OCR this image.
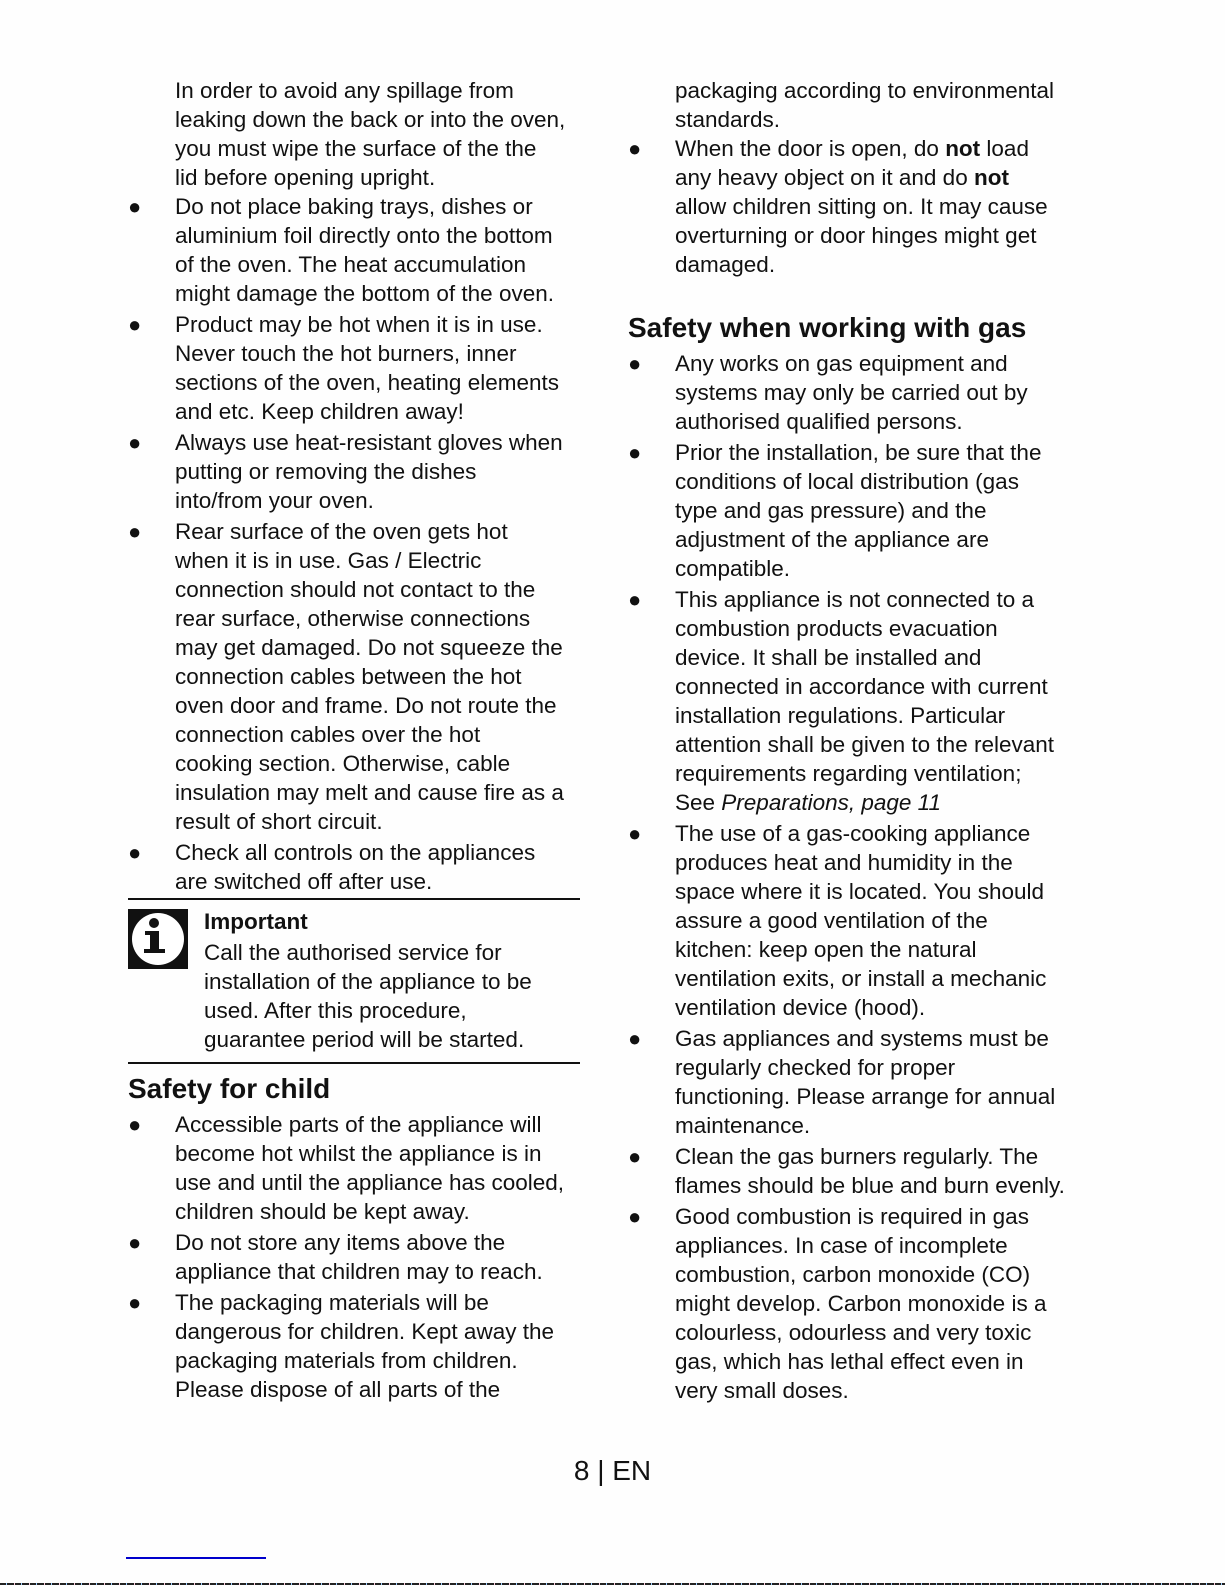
In order to avoid any spillage from
leaking down the back or into the oven,
you must wipe the surface of the the
lid before opening upright.
● Do not place baking trays, dishes or
aluminium foil directly onto the bottom
of the oven. The heat accumulation
might damage the bottom of the oven.
● Product may be hot when it is in use.
Never touch the hot burners, inner
sections of the oven, heating elements
and etc. Keep children away!
● Always use heat-resistant gloves when
putting or removing the dishes
into/from your oven.
● Rear surface of the oven gets hot
when it is in use. Gas / Electric
connection should not contact to the
rear surface, otherwise connections
may get damaged. Do not squeeze the
connection cables between the hot
oven door and frame. Do not route the
connection cables over the hot
cooking section. Otherwise, cable
insulation may melt and cause fire as a
result of short circuit.
● Check all controls on the appliances
are switched off after use.
Important
Call the authorised service for
installation of the appliance to be
used. After this procedure,
guarantee period will be started.
Safety for child
● Accessible parts of the appliance will
become hot whilst the appliance is in
use and until the appliance has cooled,
children should be kept away.
● Do not store any items above the
appliance that children may to reach.
● The packaging materials will be
dangerous for children. Kept away the
packaging materials from children.
Please dispose of all parts of the
packaging according to environmental
standards.
● When the door is open, do not load
any heavy object on it and do not
allow children sitting on. It may cause
overturning or door hinges might get
damaged.
Safety when working with gas
● Any works on gas equipment and
systems may only be carried out by
authorised qualified persons.
● Prior the installation, be sure that the
conditions of local distribution (gas
type and gas pressure) and the
adjustment of the appliance are
compatible.
● This appliance is not connected to a
combustion products evacuation
device. It shall be installed and
connected in accordance with current
installation regulations. Particular
attention shall be given to the relevant
requirements regarding ventilation;
See Preparations, page 11
● The use of a gas-cooking appliance
produces heat and humidity in the
space where it is located. You should
assure a good ventilation of the
kitchen: keep open the natural
ventilation exits, or install a mechanic
ventilation device (hood).
● Gas appliances and systems must be
regularly checked for proper
functioning. Please arrange for annual
maintenance.
● Clean the gas burners regularly. The
flames should be blue and burn evenly.
● Good combustion is required in gas
appliances. In case of incomplete
combustion, carbon monoxide (CO)
might develop. Carbon monoxide is a
colourless, odourless and very toxic
gas, which has lethal effect even in
very small doses.
8 | EN
